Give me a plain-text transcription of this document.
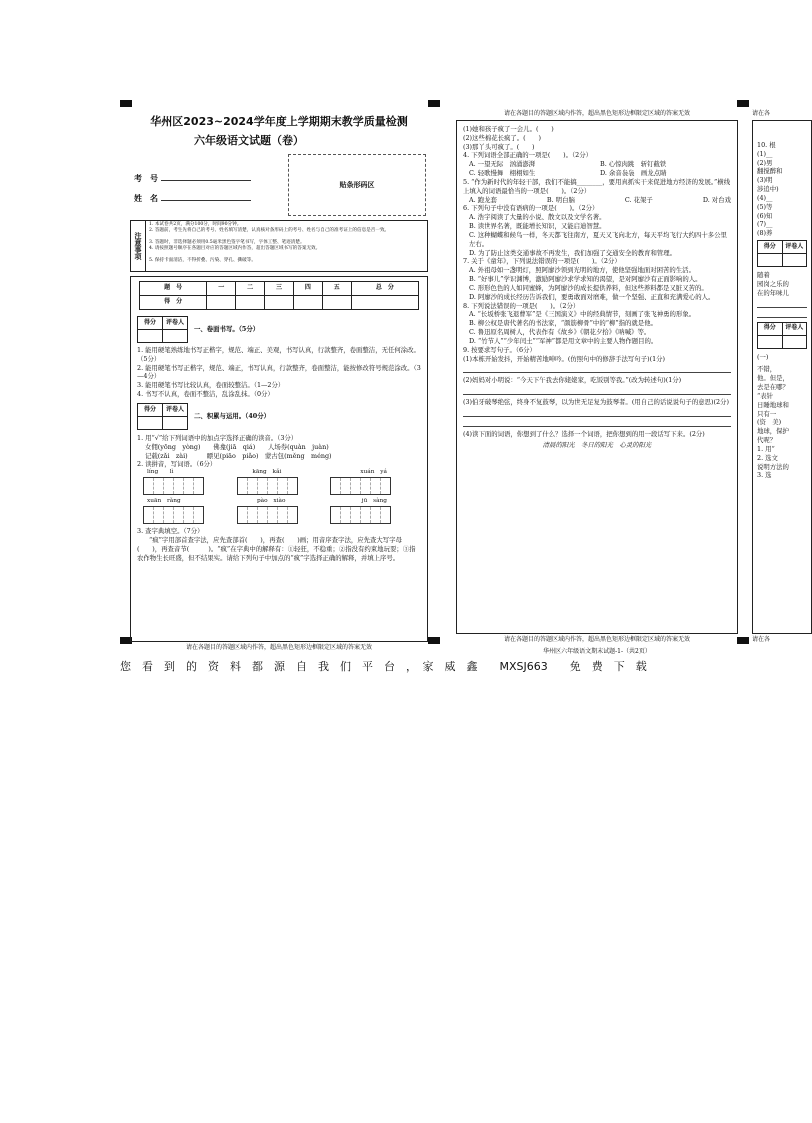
华州区2023~2024学年度上学期期末教学质量检测
六年级语文试题（卷）
考　号
姓　名
贴条形码区
注意事项
1. 本试卷共2页，满分100分，时间90分钟。
2. 答题前，考生先将自己的考号、姓名填写清楚，认真核对条形码上的考号、姓名与自己的准考证上的信息是否一致。
3. 答题时，非选择题必须用0.5毫米黑色签字笔书写，字体工整、笔迹清楚。
4. 请按照题号顺序在各题目对应的答题区域内作答，超出答题区域书写的答案无效。
5. 保持卡面清洁，不得折叠、污染、穿孔、撕破等。
题　号	一	二	三	四	五	总　分
得　分						
得分	评卷人

一、卷面书写。（5分）
1. 能用硬笔熟练地书写正楷字，规范、端正、美观，书写认真，行款整齐，卷面整洁，无任何涂改。（5分）
2. 能用硬笔书写正楷字，规范、端正，书写认真，行款整齐，卷面整洁，能按修改符号规范涂改。（3—4分）
3. 能用硬笔书写比较认真，卷面较整洁。（1—2分）
4. 书写不认真，卷面不整洁，乱涂乱抹。（0分）
得分	评卷人

二、积累与运用。（40分）
1. 用“√”给下列词语中的加点字选择正确的读音。（3分）
女佣(yōng　yòng)　　佛龛(jiā　qiá)　　人场券(quàn　juàn)
记载(zǎi　zài)　　　瞟见(piāo　piǎo)　蒙古包(měng　méng)
2. 读拼音，写词语。（6分）
líng　　lì	kāng　kǎi	xuán　yá
xuān　rǎng	pào　xiào	jū　sàng
3. 查字典填空。（7分）
“疯”字用部首查字法，应先查部首(　　)，再查(　　)画；用音序查字法，应先查大写字母(　　)，再查音节(　　　)。“疯”在字典中的解释有：①轻狂，不稳重；②指没有约束地玩耍；③指农作物生长旺盛，但不结果实。请给下列句子中加点的“疯”字选择正确的解释，并填上序号。
请在各题目的答题区域内作答，超出黑色矩形边框限定区域的答案无效
请在各题目的答题区域内作答，超出黑色矩形边框限定区域的答案无效
(1)她和孩子疯了一会儿。(　　)
(2)这些棉花长疯了。(　　)
(3)那丫头可疯了。(　　)
4. 下列词语全部正确的一项是(　　)。（2分）
A. 一望无际　汹涌澎湃	B. 心惊肉跳　斩钉截铁
C. 轻歌慢舞　栩栩如生	D. 余音袅袅　画龙点睛
5. “作为新时代的年轻干部，我们不能搞________，要用真抓实干来促进地方经济的发展。”横线上填入的词语最恰当的一项是(　　)。（2分）
A. 跑龙套	B. 明白脑	C. 花架子	D. 对台戏
6. 下列句子中没有语病的一项是(　　)。（2分）
A. 浩宇阅读了大量的小说、散文以及文学名著。
B. 读世界名著，既能增长知识，又能启迪智慧。
C. 这种蝴蝶和候鸟一样，冬天都飞往南方，夏天又飞向北方，每天平均飞行大约四十多公里左右。
D. 为了防止这类交通事故不再发生，我们加强了交通安全的教育和管理。
7. 关于《童年》，下列说法错误的一项是(　　)。（2分）
A. 外祖母如一盏明灯，照阿廖沙领到光明的地方，使他坚强地面对困苦的生活。
B. “好事儿”学识渊博，激励阿廖沙求学求知的渴望，是对阿廖沙有正面影响的人。
C. 形形色色的人如同蜜蜂，为阿廖沙的成长提供养料，但这些养料都是又脏又苦的。
D. 阿廖沙的成长经历告诉我们，要勇敢面对磨难，做一个坚强、正直和充满爱心的人。
8. 下列说法错误的一项是(　　)。（2分）
A. “长坂桥张飞退曹军”是《三国演义》中的经典情节，刻画了张飞神勇的形象。
B. 柳公权是唐代著名的书法家，“颜筋柳骨”中的“柳”指的就是他。
C. 鲁迅原名周树人，代表作有《故乡》《朝花夕拾》《呐喊》等。
D. “竹节人”“少年闰土”“军神”都是用文章中的主要人物作题目的。
9. 按要求写句子。（6分）
(1)本栋开始发抖，开始精苦地呻吟。(仿照句中的修辞手法写句子)(1分)
(2)妈妈对小明说：“今天下午我去你姥姥家，吃饭别等我。”(改为转述句)(1分)
(3)伯牙破琴绝弦，终身不复鼓琴，以为世无足复为鼓琴者。(用自己的话说说句子的意思)(2分)
(4)读下面的词语，你想到了什么？选择一个词语，把你想到的用一段话写下来。(2分)
清晨的阳光　冬日的阳光　心灵的阳光
请在各题目的答题区域内作答，超出黑色矩形边框限定区域的答案无效
华州区六年级语文期末试题-1-（共2页）
请在各
10. 根
(1)__
(2)男
翻搅醉和
(3)明
涉追中)
(4)__
(5)等
(6)知
(7)__
(8)养
得分	评卷人

随着
园岗之乐的
在的年味儿
得分	评卷人

(一)
不错，
他。但是，
去是在哪？
“表针
日睡地球和
只有一
(资　美)
地球，保护
代呢？
1. 用“
2. 选文
说明方法的
3. 选
请在各
您　看　到　的　资　料　都　源　自　我　们　平　台　，　家　威　鑫　　MXSJ663　　免　费　下　载
